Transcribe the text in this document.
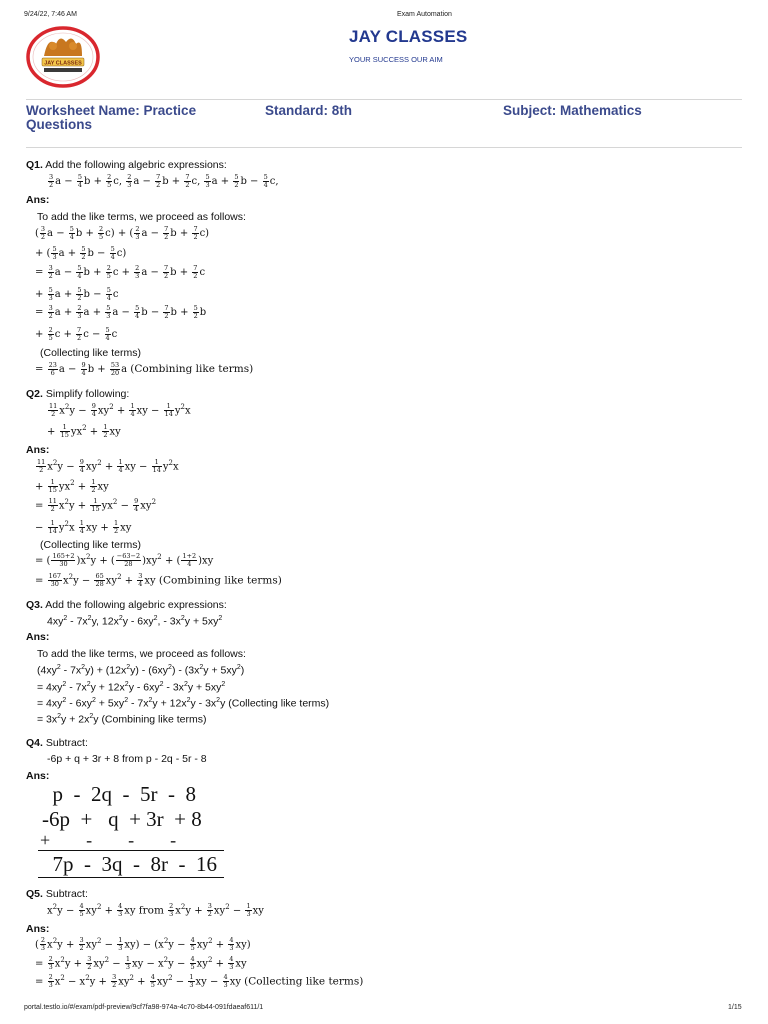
9/24/22, 7:46 AM	Exam Automation
JAY CLASSES
JAY CLASSES
YOUR SUCCESS OUR AIM
Worksheet Name: Practice
Questions
Standard: 8th	Subject: Mathematics
Q1. Add the following algebric expressions:
$\frac{3}{2}$ $a - \frac{5}{4}$ $b + \frac{2}{5} c$, $\frac{2}{3}$ $a - \frac{7}{2}$ $b + \frac{7}{2} c$, $\frac{5}{3}$ $a + \frac{5}{2}$ $b - \frac{5}{4} c$,
Ans:
To add the like terms, we proceed as follows:
( $\frac{3}{2}$ $a - \frac{5}{4}$ $b + \frac{2}{5} c$) + ( $\frac{2}{3}$ $a - \frac{7}{2}$ $b + \frac{7}{2} c$)
+ ( $\frac{5}{3}$ $a + \frac{5}{2}$ $b - \frac{5}{4} c$)
= $\frac{3}{2}$ $a - \frac{5}{4}$ $b + \frac{2}{5}$ $c + \frac{2}{3}$ $a - \frac{7}{2}$ $b + \frac{7}{2}$ c
+ $\frac{5}{3}$ $a + \frac{5}{2}$ $b - \frac{5}{4}$ c
= $\frac{3}{2}$ $a + \frac{2}{3}$ $a + \frac{5}{3}$ $a - \frac{5}{4}$ $b - \frac{7}{2}$ $b + \frac{5}{2}$ b
+ $\frac{2}{5}$ $c + \frac{7}{2}$ $c - \frac{5}{4}$ c
(Collecting like terms)
= $\frac{23}{6}$ $a - \frac{9}{4}$ $b + \frac{53}{20}$ a (Combining like terms)
Q2. Simplify following:
$\frac{11}{2} x^2y - \frac{9}{4} xy^2 + \frac{1}{4}$ xy − $\frac{1}{14} y^2x$
+ $\frac{1}{15} yx^2 + \frac{1}{2}$ xy
Ans:
$\frac{11}{2} x^2y - \frac{9}{4} xy^2 + \frac{1}{4}$ xy − $\frac{1}{14} y^2x$
+ $\frac{1}{15} yx^2 + \frac{1}{2}$ xy
= $\frac{11}{2} x^2y + \frac{1}{15} yx^2 - \frac{9}{4} xy^2$
− $\frac{1}{14} y^2x \frac{1}{4}$ xy + $\frac{1}{2}$ xy
(Collecting like terms)
= ( $\frac{165+2}{30} )x^2y$ + ( $\frac{-63-2}{28} )xy^2$ + ( $\frac{1+2}{4} )xy$
= $\frac{167}{30} x^2y - \frac{65}{28} xy^2 + \frac{3}{4}$ xy (Combining like terms)
Q3. Add the following algebric expressions:
$4xy^2 - 7x^2y$, $12x^2y - 6xy^2$, - $3x^2y + 5xy^2$
Ans:
To add the like terms, we proceed as follows:
$(4xy^2 - 7x^2y) + (12x^2y) - (6xy^2) - (3x^2y + 5xy^2)$
= $4xy^2 - 7x^2y + 12x^2y - 6xy^2 - 3x^2y + 5xy^2$
= $4xy^2 - 6xy^2 + 5xy^2 - 7x^2y + 12x^2y - 3x^2y$ (Collecting like terms)
= $3x^2y + 2x^2y$ (Combining like terms)
Q4. Subtract:
-6p + q + 3r + 8 from p - 2q - 5r - 8
Ans:
p  -  2q  -  5r  -  8
-6p  +   q  + 3r  + 8
+        -        -        -
7p  -  3q  -  8r  -  16
Q5. Subtract:
$x^2y - \frac{4}{5} xy^2 + \frac{4}{3}$ xy from $\frac{2}{3} x^2y + \frac{3}{2} xy^2 - \frac{1}{3}$ xy
Ans:
( $\frac{2}{3} x^2y + \frac{3}{2} xy^2 - \frac{1}{3} xy) - (x^2y - \frac{4}{5} xy^2 + \frac{4}{3} xy)$
= $\frac{2}{3} x^2y + \frac{3}{2} xy^2 - \frac{1}{3}$ xy − $x^2y - \frac{4}{5} xy^2 + \frac{4}{3}$ xy
= $\frac{2}{3} x^2 - x^2y + \frac{3}{2} xy^2 + \frac{4}{5} xy^2 - \frac{1}{3}$ xy − $\frac{4}{3}$ xy (Collecting like terms)
portal.testlo.io/#/exam/pdf-preview/9cf7fa98-974a-4c70-8b44-091fdaeaf611/1	1/15
